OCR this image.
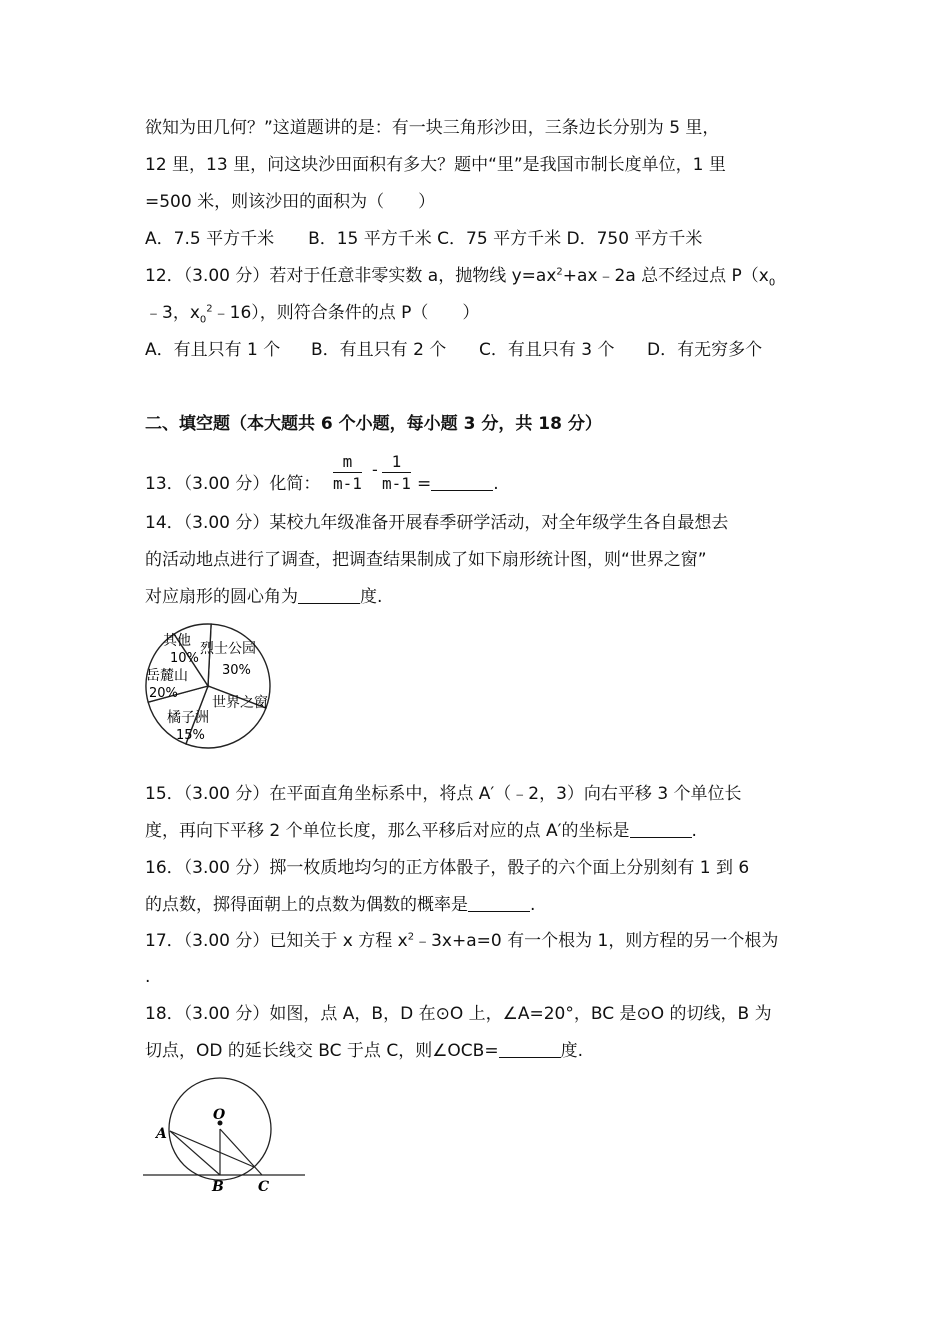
欲知为田几何？”这道题讲的是：有一块三角形沙田，三条边长分别为 5 里，
12 里，13 里，问这块沙田面积有多大？题中“里”是我国市制长度单位，1 里
=500 米，则该沙田的面积为（　　）
A．7.5 平方千米　　B．15 平方千米 C．75 平方千米 D．750 平方千米
12．（3.00 分）若对于任意非零实数 a，抛物线 $y=ax^2+ax﹣2a$ 总不经过点 $P(x_0$
﹣3，$x_0^2﹣16$），则符合条件的点 P（　　）
A．有且只有 1 个 B．有且只有 2 个 C．有且只有 3 个 D．有无穷多个
二、填空题（本大题共 6 个小题，每小题 3 分，共 18 分）
13．（3.00 分）化简： $\frac{m}{m-1} - \frac{1}{m-1}$ =	.
14．（3.00 分）某校九年级准备开展春季研学活动，对全年级学生各自最想去
的活动地点进行了调查，把调查结果制成了如下扇形统计图，则“世界之窗”
对应扇形的圆心角为	度.
其他
10%
烈士公园
30%
岳麓山
20%
世界之窗
橘子洲
15%
15．（3.00 分）在平面直角坐标系中，将点 A′（﹣2，3）向右平移 3 个单位长
度，再向下平移 2 个单位长度，那么平移后对应的点 A′的坐标是	.
16．（3.00 分）掷一枚质地均匀的正方体骰子，骰子的六个面上分别刻有 1 到 6
的点数，掷得面朝上的点数为偶数的概率是	.
17．（3.00 分）已知关于 x 方程 $x^2﹣3x+a=0$ 有一个根为 1，则方程的另一个根为
.
18．（3.00 分）如图，点 A，B，D 在⊙O 上，∠A=20°，BC 是⊙O 的切线，B 为
切点，OD 的延长线交 BC 于点 C，则∠OCB=	度.
O
A
B C
